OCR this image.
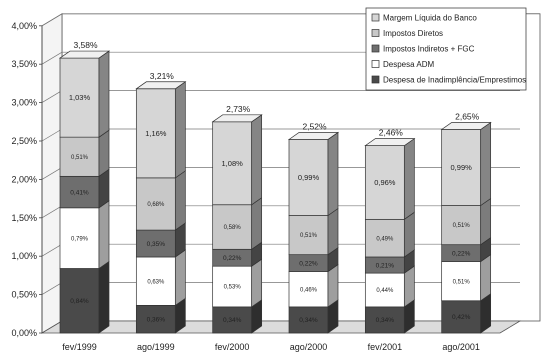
0,00%
0,50%
1,00%
1,50%
2,00%
2,50%
3,00%
3,50%
4,00%
0,84%
0,79%
0,41%
0,51%
1,03%
3,58%
fev/1999
0,36%
0,63%
0,35%
0,68%
1,16%
3,21%
ago/1999
0,34%
0,53%
0,22%
0,58%
1,08%
2,73%
fev/2000
0,34%
0,46%
0,22%
0,51%
0,99%
2,52%
ago/2000
0,34%
0,44%
0,21%
0,49%
0,96%
2,46%
fev/2001
0,42%
0,51%
0,22%
0,51%
0,99%
2,65%
ago/2001
Margem Líquida do Banco
Impostos Diretos
Impostos Indiretos + FGC
Despesa ADM
Despesa de Inadimplência/Emprestimos
